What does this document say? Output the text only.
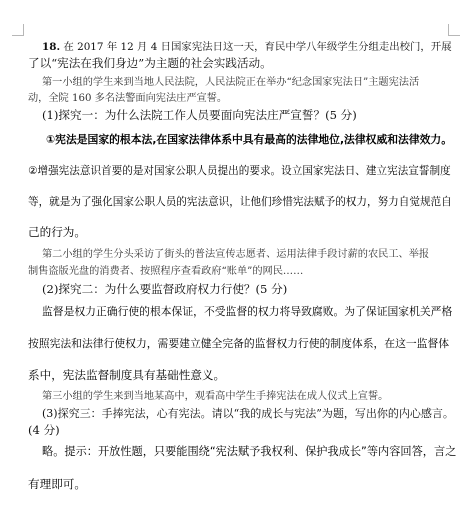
18. 在 2017 年 12 月 4 日国家宪法日这一天，育民中学八年级学生分组走出校门，开展
了以“宪法在我们身边”为主题的社会实践活动。
第一小组的学生来到当地人民法院，人民法院正在举办“纪念国家宪法日”主题宪法活
动，全院 160 多名法警面向宪法庄严宣誓。
(1)探究一：为什么法院工作人员要面向宪法庄严宣誓？(5 分)
①宪法是国家的根本法,在国家法律体系中具有最高的法律地位,法律权威和法律效力。
②增强宪法意识首要的是对国家公职人员提出的要求。设立国家宪法日、建立宪法宣誓制度
等，就是为了强化国家公职人员的宪法意识，让他们珍惜宪法赋予的权力，努力自觉规范自
己的行为。
第二小组的学生分头采访了街头的普法宣传志愿者、运用法律手段讨薪的农民工、举报
制售盗版光盘的消费者、按照程序查看政府“账单”的网民……
(2)探究二：为什么要监督政府权力行使？(5 分)
监督是权力正确行使的根本保证，不受监督的权力将导致腐败。为了保证国家机关严格
按照宪法和法律行使权力，需要建立健全完备的监督权力行使的制度体系，在这一监督体
系中，宪法监督制度具有基础性意义。
第三小组的学生来到当地某高中，观看高中学生手捧宪法在成人仪式上宣誓。
(3)探究三：手捧宪法，心有宪法。请以“我的成长与宪法”为题，写出你的内心感言。
(4 分)
略。提示：开放性题，只要能围绕“宪法赋予我权利、保护我成长”等内容回答，言之
有理即可。
